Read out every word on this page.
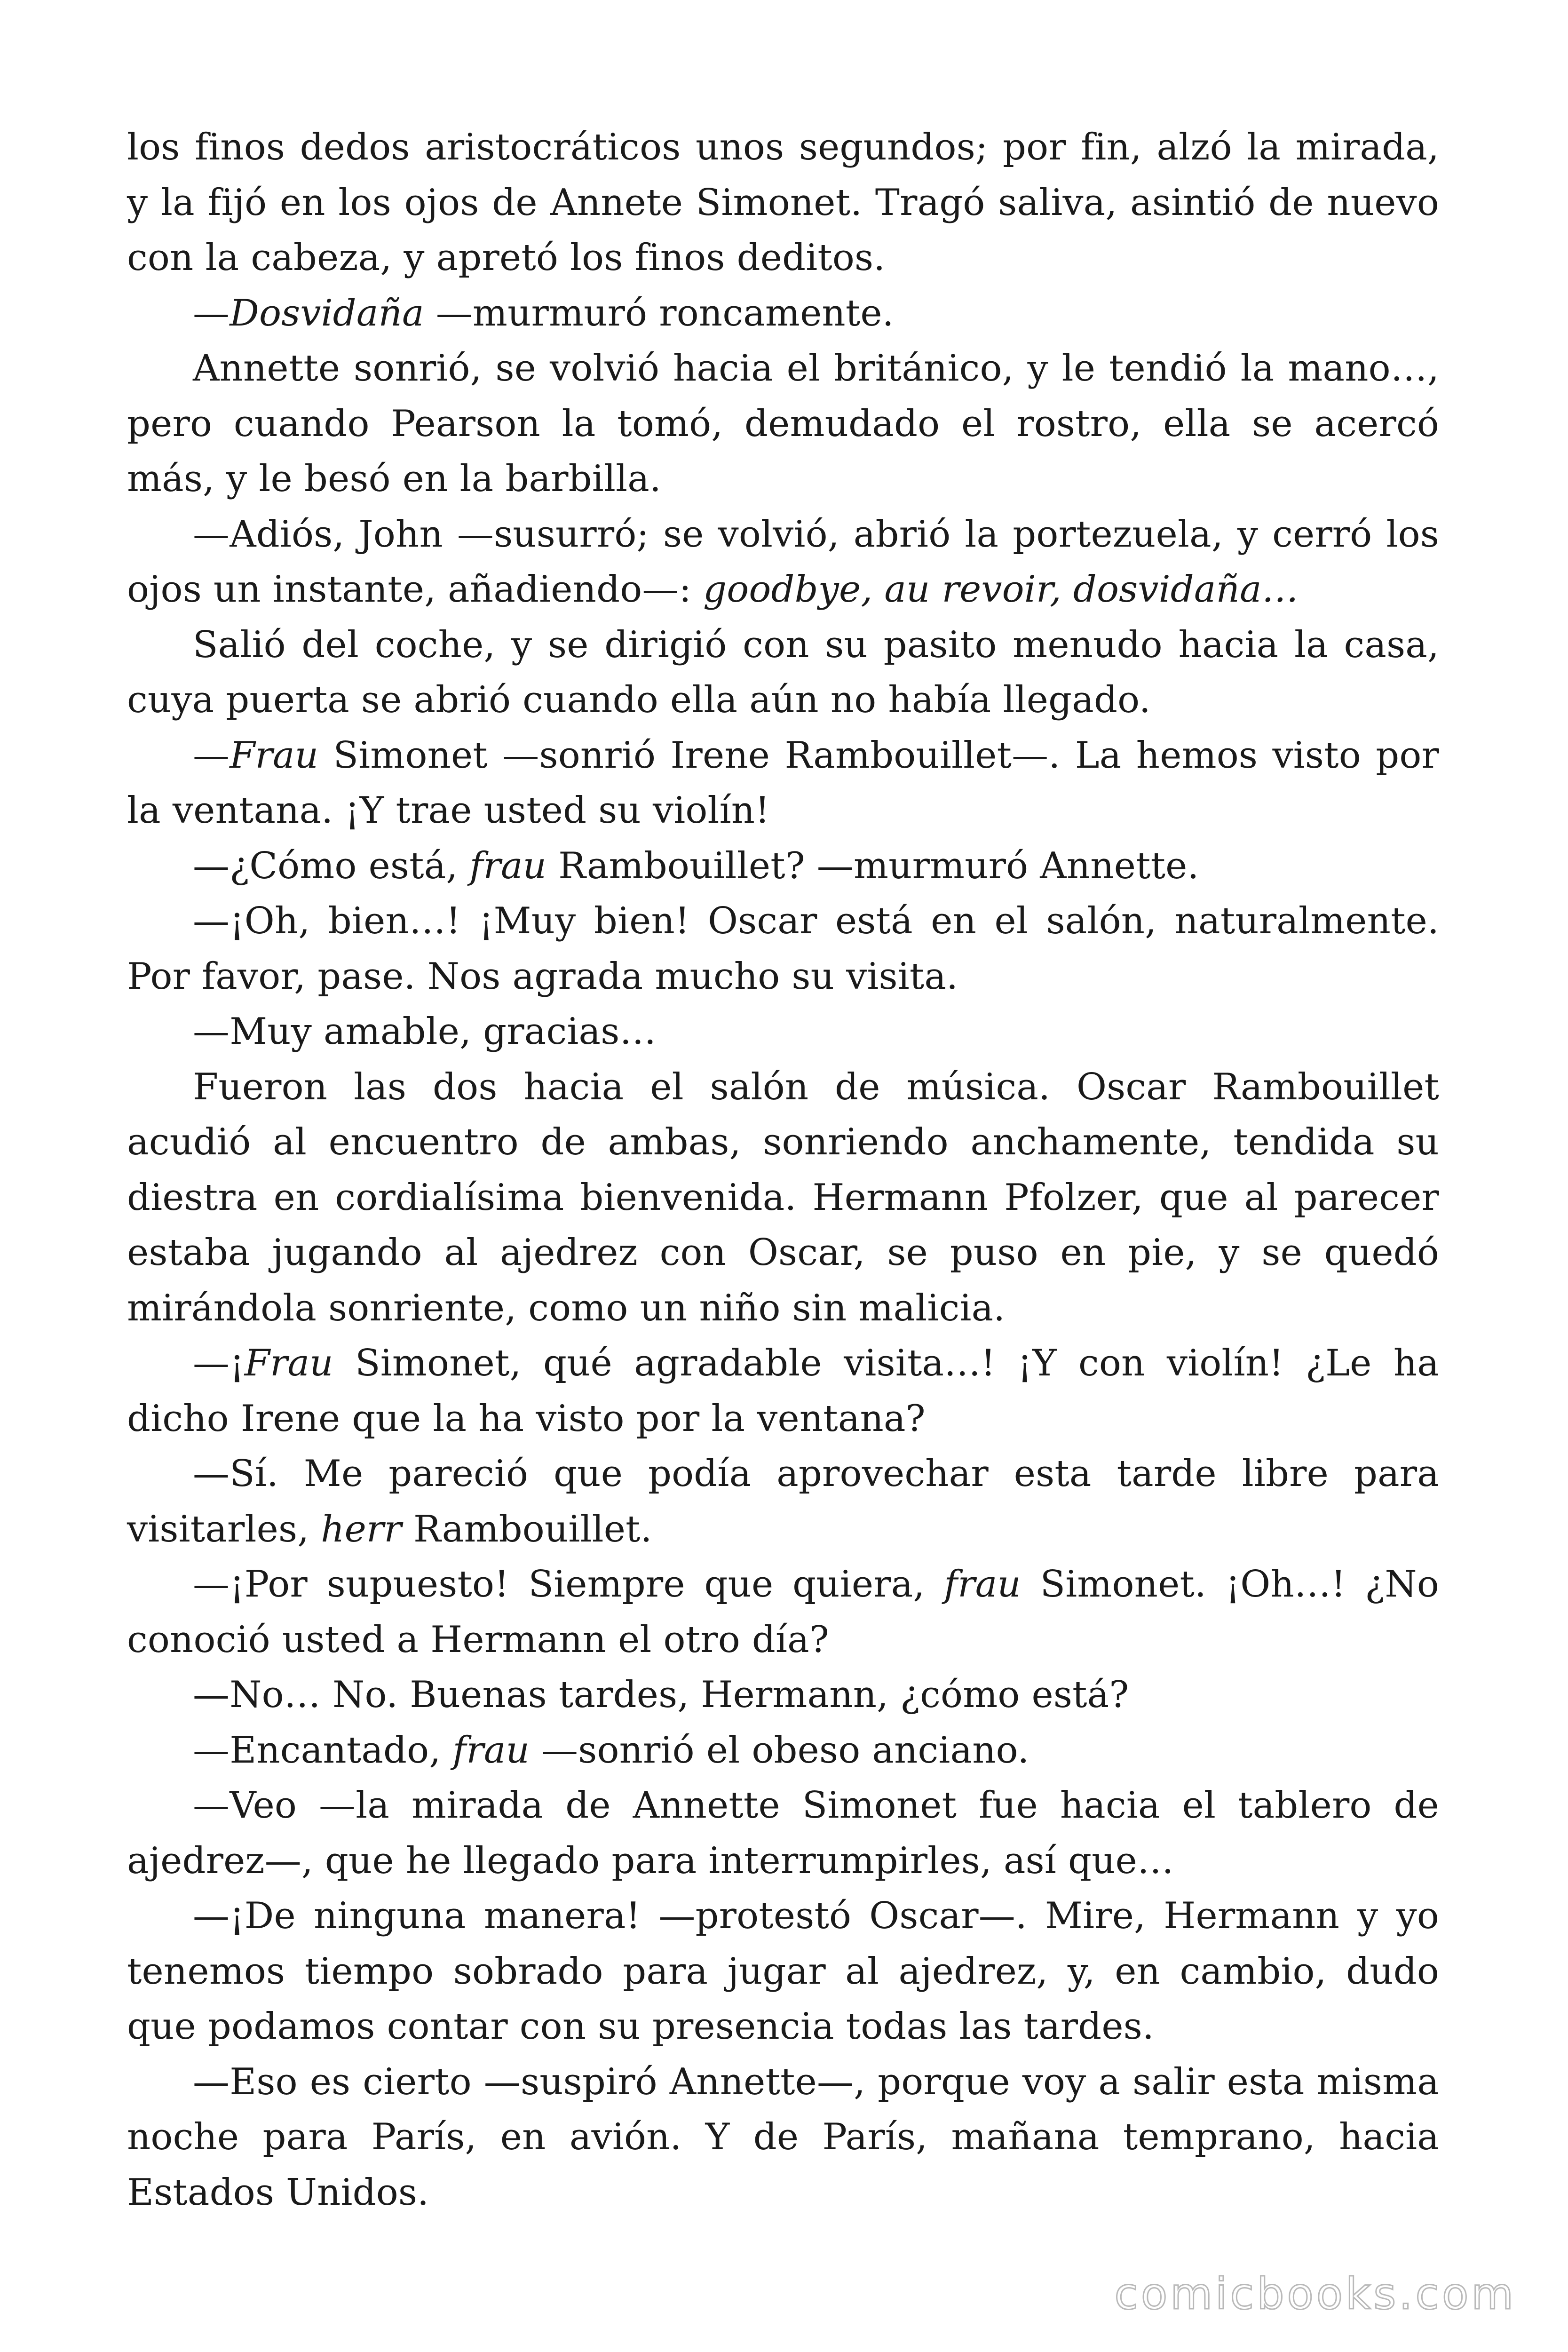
los finos dedos aristocráticos unos segundos; por fin, alzó la mirada, y la fijó en los ojos de Annete Simonet. Tragó saliva, asintió de nuevo con la cabeza, y apretó los finos deditos.

—Dosvidaña —murmuró roncamente.

Annette sonrió, se volvió hacia el británico, y le tendió la mano…, pero cuando Pearson la tomó, demudado el rostro, ella se acercó más, y le besó en la barbilla.

—Adiós, John —susurró; se volvió, abrió la portezuela, y cerró los ojos un instante, añadiendo—: goodbye, au revoir, dosvidaña…

Salió del coche, y se dirigió con su pasito menudo hacia la casa, cuya puerta se abrió cuando ella aún no había llegado.

—Frau Simonet —sonrió Irene Rambouillet—. La hemos visto por la ventana. ¡Y trae usted su violín!

—¿Cómo está, frau Rambouillet? —murmuró Annette.

—¡Oh, bien…! ¡Muy bien! Oscar está en el salón, naturalmente. Por favor, pase. Nos agrada mucho su visita.

—Muy amable, gracias…

Fueron las dos hacia el salón de música. Oscar Rambouillet acudió al encuentro de ambas, sonriendo anchamente, tendida su diestra en cordialísima bienvenida. Hermann Pfolzer, que al parecer estaba jugando al ajedrez con Oscar, se puso en pie, y se quedó mirándola sonriente, como un niño sin malicia.

—¡Frau Simonet, qué agradable visita…! ¡Y con violín! ¿Le ha dicho Irene que la ha visto por la ventana?

—Sí. Me pareció que podía aprovechar esta tarde libre para visitarles, herr Rambouillet.

—¡Por supuesto! Siempre que quiera, frau Simonet. ¡Oh…! ¿No conoció usted a Hermann el otro día?

—No… No. Buenas tardes, Hermann, ¿cómo está?

—Encantado, frau —sonrió el obeso anciano.

—Veo —la mirada de Annette Simonet fue hacia el tablero de ajedrez—, que he llegado para interrumpirles, así que…

—¡De ninguna manera! —protestó Oscar—. Mire, Hermann y yo tenemos tiempo sobrado para jugar al ajedrez, y, en cambio, dudo que podamos contar con su presencia todas las tardes.

—Eso es cierto —suspiró Annette—, porque voy a salir esta misma noche para París, en avión. Y de París, mañana temprano, hacia Estados Unidos.

comicbooks.com
